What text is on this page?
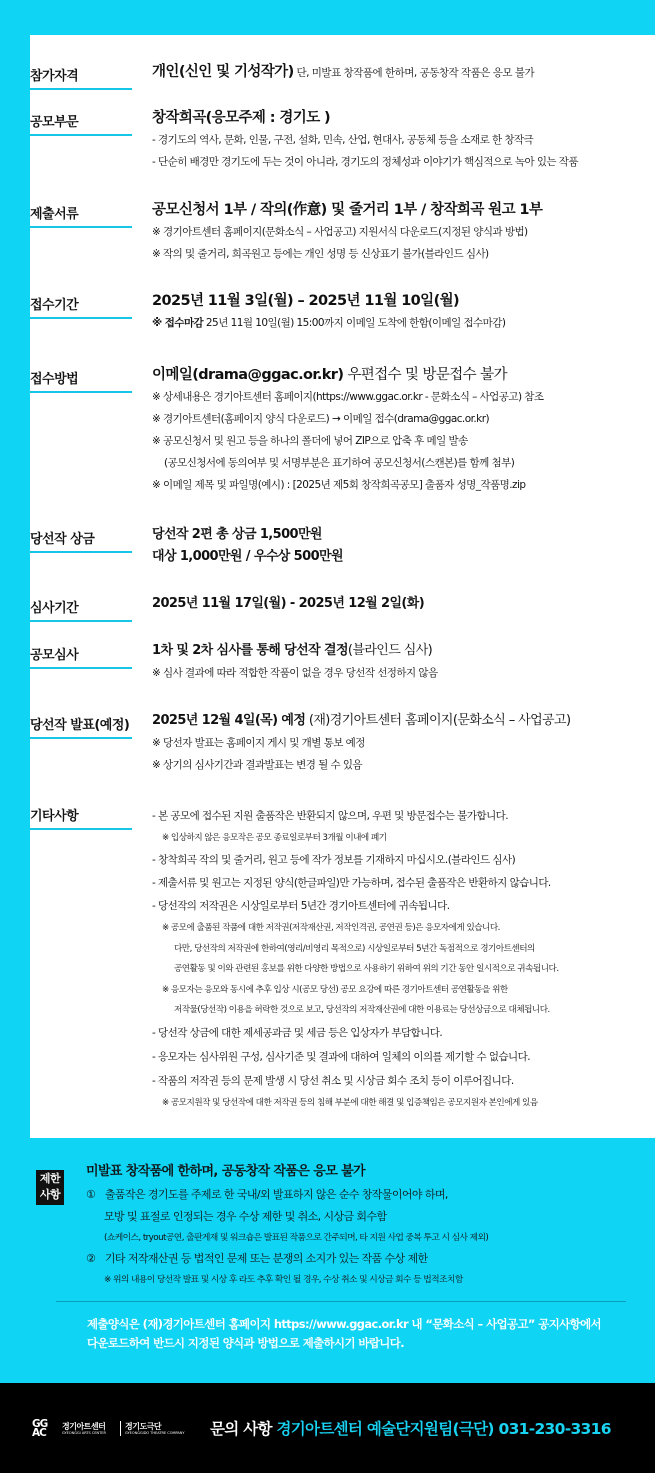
참가자격	개인(신인 및 기성작가) 단, 미발표 창작품에 한하며, 공동창작 작품은 응모 불가
공모부문	창작희곡(응모주제 : 경기도 )
- 경기도의 역사, 문화, 인물, 구전, 설화, 민속, 산업, 현대사, 공동체 등을 소재로 한 창작극
- 단순히 배경만 경기도에 두는 것이 아니라, 경기도의 정체성과 이야기가 핵심적으로 녹아 있는 작품
제출서류	공모신청서 1부 / 작의(作意) 및 줄거리 1부 / 창작희곡 원고 1부
※ 경기아트센터 홈페이지(문화소식 – 사업공고) 지원서식 다운로드(지정된 양식과 방법)
※ 작의 및 줄거리, 희곡원고 등에는 개인 성명 등 신상표기 불가(블라인드 심사)
접수기간	2025년 11월 3일(월) – 2025년 11월 10일(월)
※ 접수마감 25년 11월 10일(월) 15:00까지 이메일 도착에 한함(이메일 접수마감)
접수방법	이메일(drama@ggac.or.kr) 우편접수 및 방문접수 불가
※ 상세내용은 경기아트센터 홈페이지(https://www.ggac.or.kr - 문화소식 – 사업공고) 참조
※ 경기아트센터(홈페이지 양식 다운로드) → 이메일 접수(drama@ggac.or.kr)
※ 공모신청서 및 원고 등을 하나의 폴더에 넣어 ZIP으로 압축 후 메일 발송
(공모신청서에 동의여부 및 서명부분은 표기하여 공모신청서(스캔본)를 함께 첨부)
※ 이메일 제목 및 파일명(예시) : [2025년 제5회 창작희곡공모] 출품자 성명_작품명.zip
당선작 상금	당선작 2편 총 상금 1,500만원
대상 1,000만원 / 우수상 500만원
심사기간	2025년 11월 17일(월) - 2025년 12월 2일(화)
공모심사	1차 및 2차 심사를 통해 당선작 결정(블라인드 심사)
※ 심사 결과에 따라 적합한 작품이 없을 경우 당선작 선정하지 않음
당선작 발표(예정) 2025년 12월 4일(목) 예정 (재)경기아트센터 홈페이지(문화소식 – 사업공고)
※ 당선자 발표는 홈페이지 게시 및 개별 통보 예정
※ 상기의 심사기간과 결과발표는 변경 될 수 있음
기타사항	- 본 공모에 접수된 지원 출품작은 반환되지 않으며, 우편 및 방문접수는 불가합니다.
※ 입상하지 않은 응모작은 공모 종료일로부터 3개월 이내에 폐기
- 창착희곡 작의 및 줄거리, 원고 등에 작가 정보를 기재하지 마십시오.(블라인드 심사)
- 제출서류 및 원고는 지정된 양식(한글파일)만 가능하며, 접수된 출품작은 반환하지 않습니다.
- 당선작의 저작권은 시상일로부터 5년간 경기아트센터에 귀속됩니다.
※ 공모에 출품된 작품에 대한 저작권(저작재산권, 저작인격권, 공연권 등)은 응모자에게 있습니다.
다만, 당선작의 저작권에 한하여(영리/비영리 목적으로) 시상일로부터 5년간 독점적으로 경기아트센터의
공연활동 및 이와 관련된 홍보를 위한 다양한 방법으로 사용하기 위하여 위의 기간 동안 일시적으로 귀속됩니다.
※ 응모자는 응모와 동시에 추후 입상 시(공모 당선) 공모 요강에 따른 경기아트센터 공연활동을 위한
저작물(당선작) 이용을 허락한 것으로 보고, 당선작의 저작재산권에 대한 이용료는 당선상금으로 대체됩니다.
- 당선작 상금에 대한 제세공과금 및 세금 등은 입상자가 부담합니다.
- 응모자는 심사위원 구성, 심사기준 및 결과에 대하여 일체의 이의를 제기할 수 없습니다.
- 작품의 저작권 등의 문제 발생 시 당선 취소 및 시상금 회수 조치 등이 이루어집니다.
※ 공모지원작 및 당선작에 대한 저작권 등의 침해 부분에 대한 해결 및 입증책임은 공모지원자 본인에게 있음
제한
사항
미발표 창작품에 한하며, 공동창작 작품은 응모 불가
① 출품작은 경기도를 주제로 한 국내/외 발표하지 않은 순수 창작물이어야 하며,
모방 및 표절로 인정되는 경우 수상 제한 및 취소, 시상금 회수함
(쇼케이스, tryout공연, 출판게재 및 워크숍은 발표된 작품으로 간주되며, 타 지원 사업 중복 투고 시 심사 제외)
② 기타 저작재산권 등 법적인 문제 또는 분쟁의 소지가 있는 작품 수상 제한
※ 위의 내용이 당선작 발표 및 시상 후 라도 추후 확인 될 경우, 수상 취소 및 시상금 회수 등 법적조치함
제출양식은 (재)경기아트센터 홈페이지 https://www.ggac.or.kr 내 “문화소식 – 사업공고” 공지사항에서
다운로드하여 반드시 지정된 양식과 방법으로 제출하시기 바랍니다.
GG
AC
경기아트센터
GYEONGGI ARTS CENTER
경기도극단
GYEONGGIDO THEATRE COMPANY 문의 사항 경기아트센터 예술단지원팀(극단) 031-230-3316
